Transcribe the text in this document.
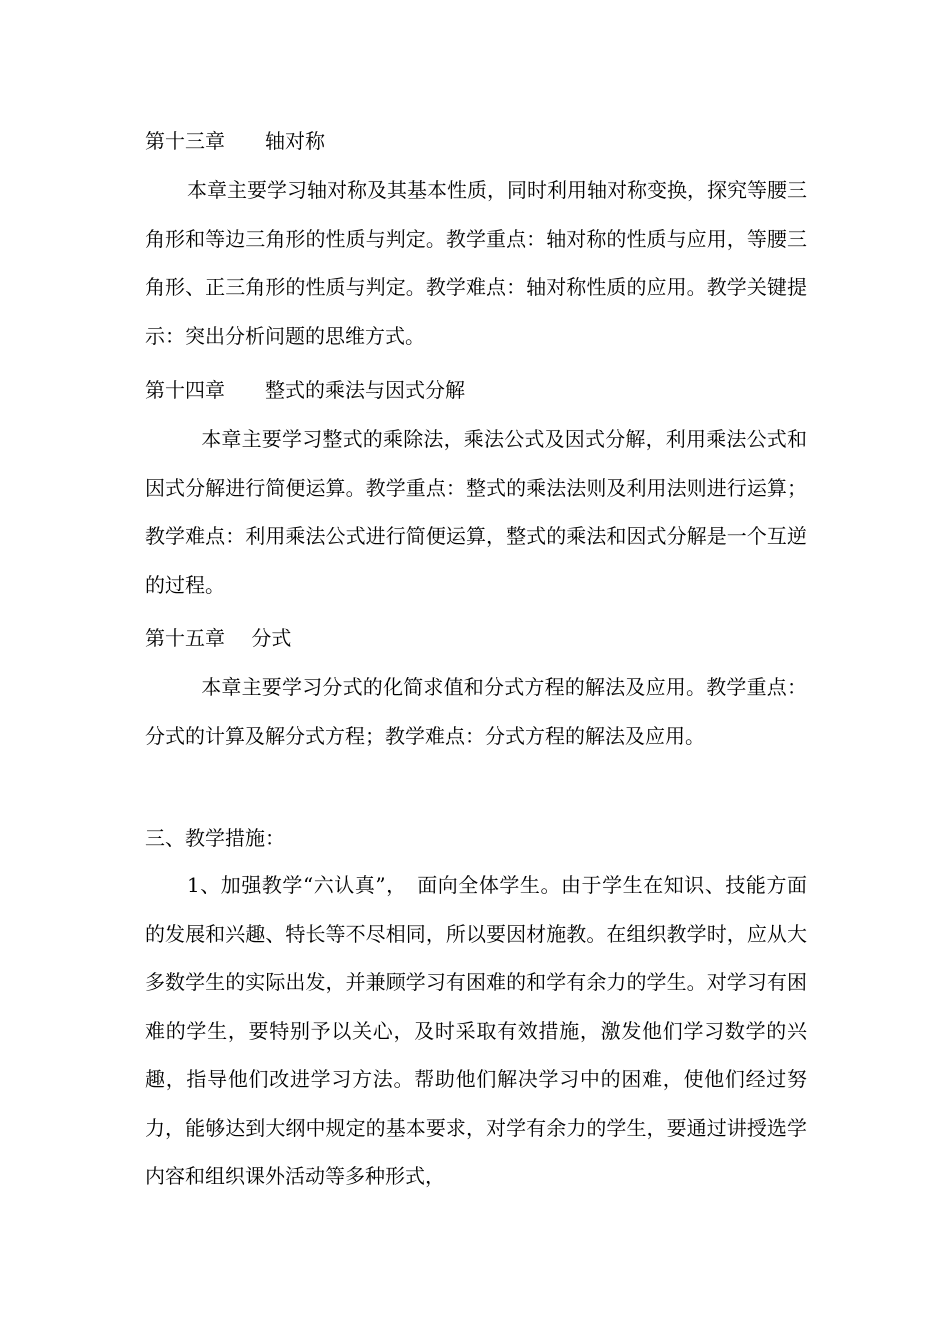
第十三章　　轴对称
本章主要学习轴对称及其基本性质，同时利用轴对称变换，探究等腰三角形和等边三角形的性质与判定。教学重点：轴对称的性质与应用，等腰三角形、正三角形的性质与判定。教学难点：轴对称性质的应用。教学关键提示：突出分析问题的思维方式。
第十四章　　整式的乘法与因式分解
本章主要学习整式的乘除法，乘法公式及因式分解，利用乘法公式和因式分解进行简便运算。教学重点：整式的乘法法则及利用法则进行运算；教学难点：利用乘法公式进行简便运算，整式的乘法和因式分解是一个互逆的过程。
第十五章　 分式
本章主要学习分式的化简求值和分式方程的解法及应用。教学重点：分式的计算及解分式方程；教学难点：分式方程的解法及应用。
三、教学措施：
1、加强教学“六认真”，　面向全体学生。由于学生在知识、技能方面的发展和兴趣、特长等不尽相同，所以要因材施教。在组织教学时，应从大多数学生的实际出发，并兼顾学习有困难的和学有余力的学生。对学习有困难的学生，要特别予以关心，及时采取有效措施，激发他们学习数学的兴趣，指导他们改进学习方法。帮助他们解决学习中的困难，使他们经过努力，能够达到大纲中规定的基本要求，对学有余力的学生，要通过讲授选学内容和组织课外活动等多种形式，
